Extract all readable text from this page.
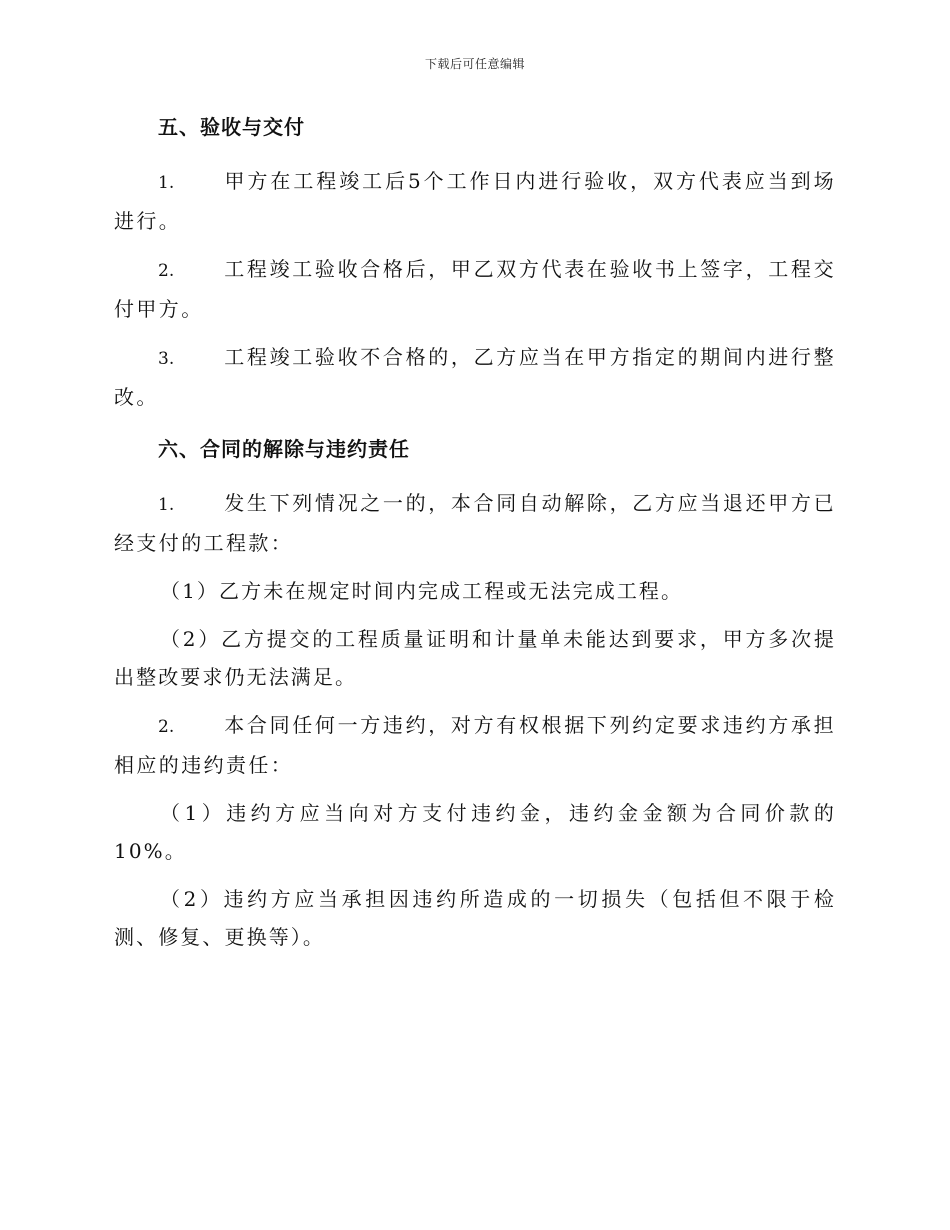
下载后可任意编辑
五、验收与交付

1. 甲方在工程竣工后5个工作日内进行验收，双方代表应当到场进行。

2. 工程竣工验收合格后，甲乙双方代表在验收书上签字，工程交付甲方。

3. 工程竣工验收不合格的，乙方应当在甲方指定的期间内进行整改。

六、合同的解除与违约责任

1. 发生下列情况之一的，本合同自动解除，乙方应当退还甲方已经支付的工程款：

（1）乙方未在规定时间内完成工程或无法完成工程。

（2）乙方提交的工程质量证明和计量单未能达到要求，甲方多次提出整改要求仍无法满足。

2. 本合同任何一方违约，对方有权根据下列约定要求违约方承担相应的违约责任：

（1）违约方应当向对方支付违约金，违约金金额为合同价款的10%。

（2）违约方应当承担因违约所造成的一切损失（包括但不限于检测、修复、更换等）。
